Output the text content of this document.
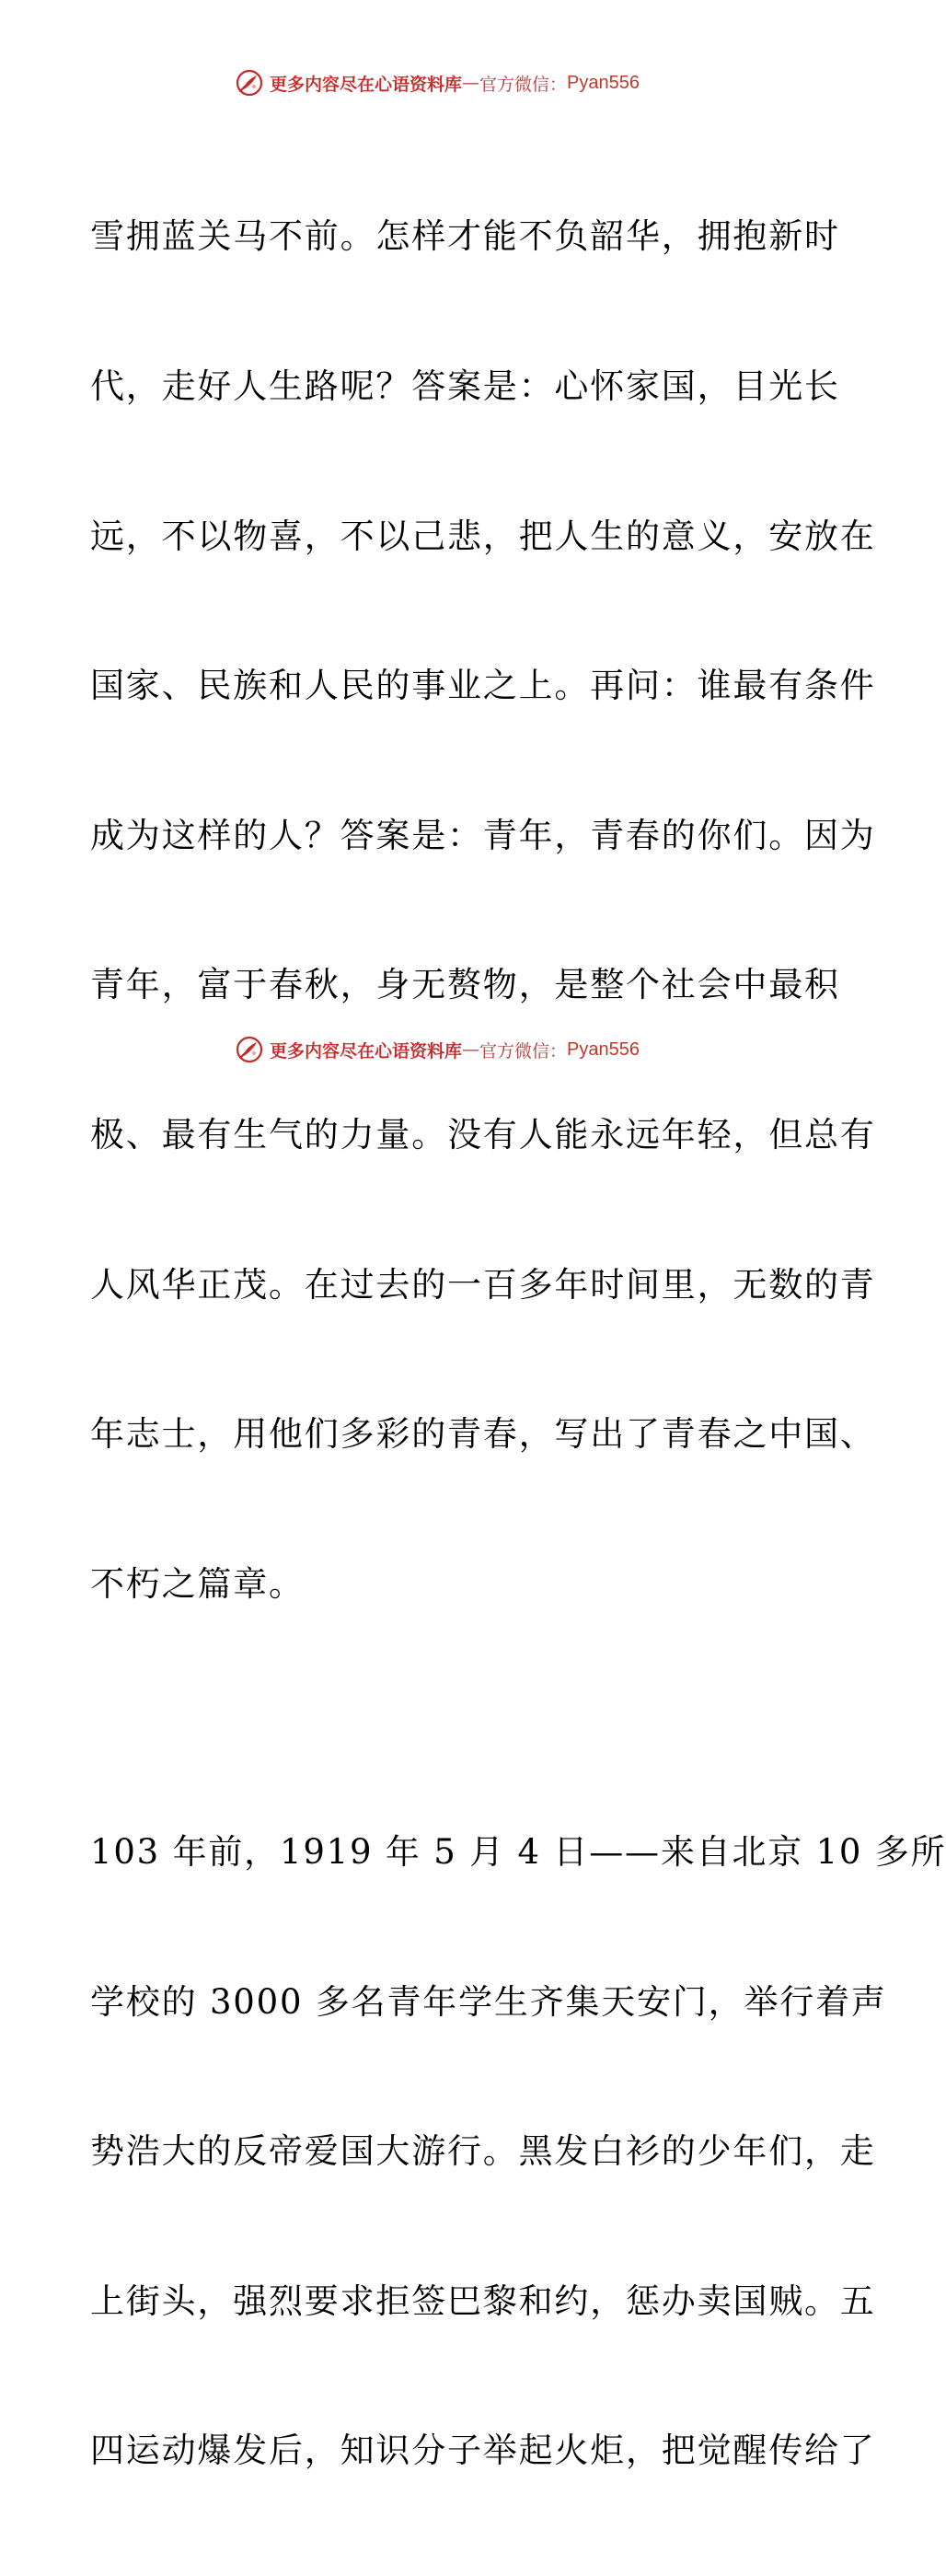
更多内容尽在心语资料库 — 官方微信： Pyan556

雪拥蓝关马不前。怎样才能不负韶华，拥抱新时

代，走好人生路呢？答案是：心怀家国，目光长

远，不以物喜，不以己悲，把人生的意义，安放在

国家、民族和人民的事业之上。再问：谁最有条件

成为这样的人？答案是：青年，青春的你们。因为

青年，富于春秋，身无赘物，是整个社会中最积

极、最有生气的力量。没有人能永远年轻，但总有

人风华正茂。在过去的一百多年时间里，无数的青

年志士，用他们多彩的青春，写出了青春之中国、

不朽之篇章。

103 年前，1919 年 5 月 4 日——来自北京 10 多所

学校的 3000 多名青年学生齐集天安门，举行着声

势浩大的反帝爱国大游行。黑发白衫的少年们，走

上街头，强烈要求拒签巴黎和约，惩办卖国贼。五

四运动爆发后，知识分子举起火炬，把觉醒传给了

更多内容尽在心语资料库 — 官方微信： Pyan556
